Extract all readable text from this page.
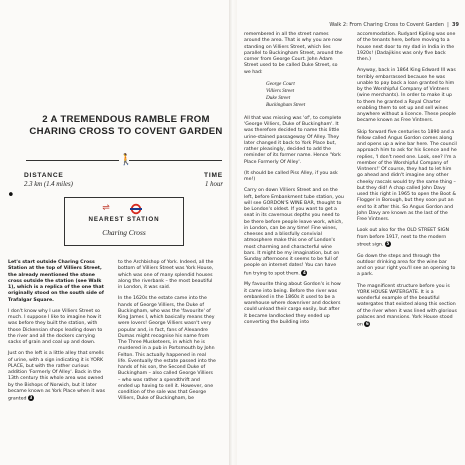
•
2 A TREMENDOUS RAMBLE FROM
CHARING CROSS TO COVENT GARDEN
🚶
DISTANCE
2.3 km (1.4 miles)
TIME
1 hour
⇌
NEAREST STATION
Charing Cross

Let's start outside Charing Cross Station at the top of Villiers Street, the already mentioned the stone cross outside the station (see Walk 1), which is a replica of the one that originally stood on the south side of Trafalgar Square.

I don't know why I use Villiers Street so much. I suppose I like to imagine how it was before they built the station, with those Dickensian shops leading down to the river and all the dockers carrying sacks of grain and coal up and down.

Just on the left is a little alley that smells of urine, with a sign indicating it is YORK PLACE, but with the rather curious addition 'Formerly Of Alley'. Back in the 13th century this whole area was owned by the Bishops of Norwich, but it later became known as York Place when it was granted 3

to the Archbishop of York. Indeed, all the bottom of Villiers Street was York House, which was one of many splendid houses along the riverbank – the most beautiful in London, it was said.

In the 1620s the estate came into the hands of George Villiers, the Duke of Buckingham, who was the 'favourite' of King James I, which basically means they were lovers! George Villiers wasn't very popular and, in fact, fans of Alexandre Dumas might recognise his name from The Three Musketeers, in which he is murdered in a pub in Portsmouth by John Felton. This actually happened in real life. Eventually the estate passed into the hands of his son, the Second Duke of Buckingham – also called George Villiers – who was rather a spendthrift and ended up having to sell it. However, one condition of the sale was that George Villiers, Duke of Buckingham, be

Walk 2: From Charing Cross to Covent Garden  |  39

remembered in all the street names around the area. That is why you are now standing on Villiers Street, which lies parallel to Buckingham Street, around the corner from George Court. John Adam Street used to be called Duke Street, so we had:

George Court
Villiers Street
Duke Street
Buckingham Street

All that was missing was 'of', to complete 'George Villiers, Duke of Buckingham'. It was therefore decided to name this little urine-stained passageway Of Alley. They later changed it back to York Place but, rather pleasingly, decided to add the reminder of its former name. Hence 'York Place Formerly Of Alley'.

(It should be called Piss Alley, if you ask me!)

Carry on down Villiers Street and on the left, before Embankment tube station, you will see GORDON'S WINE BAR, thought to be London's oldest. If you want to get a seat in its cavernous depths you need to be there before people leave work, which, in London, can be any time! Fine wines, cheeses and a blissfully convivial atmosphere make this one of London's most charming and characterful wine bars. It might be my imagination, but on Sunday afternoons it seems to be full of people on internet dates! You can have fun trying to spot them. 4

My favourite thing about Gordon's is how it came into being. Before the river was embanked in the 1860s it used to be a warehouse where downriver and dockers could unload their cargo easily, but after it became landlocked they ended up converting the building into

accommodation. Rudyard Kipling was one of the tenants here, before moving to a house next door to my dad in India in the 1920s! (Dadajikins was only five back then.)

Anyway, back in 1864 King Edward III was terribly embarrassed because he was unable to pay back a loan granted to him by the Worshipful Company of Vintners (wine merchants). In order to make it up to them he granted a Royal Charter enabling them to set up and sell wines anywhere without a licence. These people became known as Free Vintners.

Skip forward five centuries to 1890 and a fellow called Angus Gordon comes along and opens up a wine bar here. The council approach him to ask for his licence and he replies, 'I don't need one. Look, see? I'm a member of the Worshipful Company of Vintners!' Of course, they had to let him go ahead and didn't imagine any other cheeky rascals would try the same thing – but they did! A chap called John Davy used this right in 1965 to open the Boot & Flogger in Borough, but they soon put an end to it after this. So Angus Gordon and John Davy are known as the last of the Free Vintners.

Look out also for the OLD STREET SIGN from before 1917, next to the modern street sign. 5

Go down the steps and through the outdoor drinking area for the wine bar and on your right you'll see an opening to a park.

The magnificent structure before you is YORK HOUSE WATERGATE. It is a wonderful example of the beautiful watergates that existed along this section of the river when it was lined with glorious palaces and mansions. York House stood on 6
